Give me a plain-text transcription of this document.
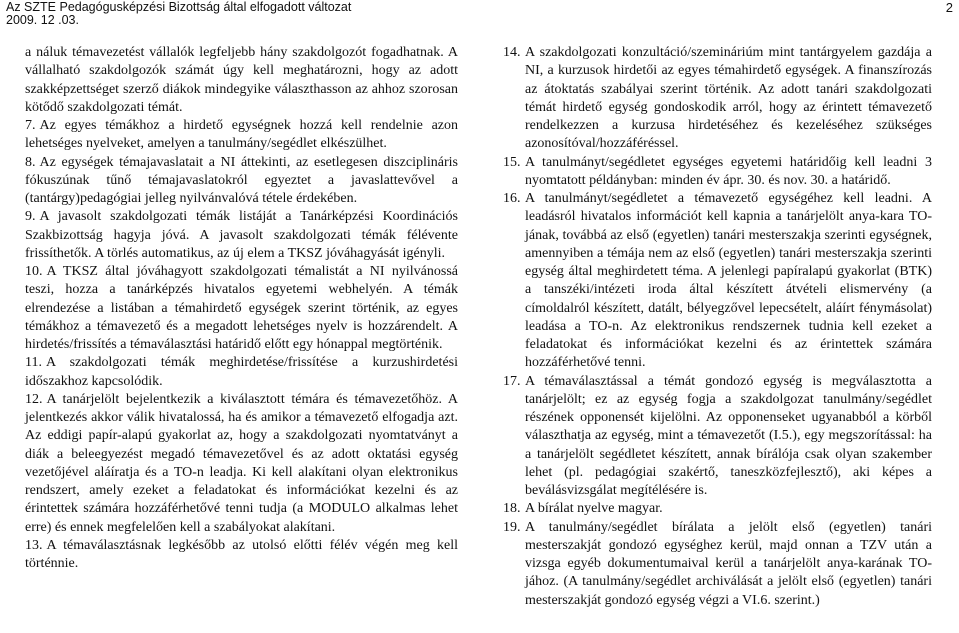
Az SZTE Pedagógusképzési Bizottság által elfogadott változat
2009. 12 .03.
2

a náluk témavezetést vállalók legfeljebb hány szakdolgozót fogadhatnak. A vállalható szakdolgozók számát úgy kell meghatározni, hogy az adott szakképzettséget szerző diákok mindegyike választhasson az ahhoz szorosan kötődő szakdolgozati témát.

7. Az egyes témákhoz a hirdető egységnek hozzá kell rendelnie azon lehetséges nyelveket, amelyen a tanulmány/segédlet elkészülhet.

8. Az egységek témajavaslatait a NI áttekinti, az esetlegesen diszciplináris fókuszúnak tűnő témajavaslatokról egyeztet a javaslattevővel a (tantárgy)pedagógiai jelleg nyilvánvalóvá tétele érdekében.

9. A javasolt szakdolgozati témák listáját a Tanárképzési Koordinációs Szakbizottság hagyja jóvá. A javasolt szakdolgozati témák félévente frissíthetők. A törlés automatikus, az új elem a TKSZ jóváhagyását igényli.

10. A TKSZ által jóváhagyott szakdolgozati témalistát a NI nyilvánossá teszi, hozza a tanárképzés hivatalos egyetemi webhelyén. A témák elrendezése a listában a témahirdető egységek szerint történik, az egyes témákhoz a témavezető és a megadott lehetséges nyelv is hozzárendelt. A hirdetés/frissítés a témaválasztási határidő előtt egy hónappal megtörténik.

11. A szakdolgozati témák meghirdetése/frissítése a kurzushirdetési időszakhoz kapcsolódik.

12. A tanárjelölt bejelentkezik a kiválasztott témára és témavezetőhöz. A jelentkezés akkor válik hivatalossá, ha és amikor a témavezető elfogadja azt. Az eddigi papír-alapú gyakorlat az, hogy a szakdolgozati nyomtatványt a diák a beleegyezést megadó témavezetővel és az adott oktatási egység vezetőjével aláíratja és a TO-n leadja. Ki kell alakítani olyan elektronikus rendszert, amely ezeket a feladatokat és információkat kezelni és az érintettek számára hozzáférhetővé tenni tudja (a MODULO alkalmas lehet erre) és ennek megfelelően kell a szabályokat alakítani.

13. A témaválasztásnak legkésőbb az utolsó előtti félév végén meg kell történnie.

14. A szakdolgozati konzultáció/szemináriúm mint tantárgyelem gazdája a NI, a kurzusok hirdetői az egyes témahirdető egységek. A finanszírozás az átoktatás szabályai szerint történik. Az adott tanári szakdolgozati témát hirdető egység gondoskodik arról, hogy az érintett témavezető rendelkezzen a kurzusa hirdetéséhez és kezeléséhez szükséges azonosítóval/hozzáféréssel.

15. A tanulmányt/segédletet egységes egyetemi határidőig kell leadni 3 nyomtatott példányban: minden év ápr. 30. és nov. 30. a határidő.

16. A tanulmányt/segédletet a témavezető egységéhez kell leadni. A leadásról hivatalos információt kell kapnia a tanárjelölt anya-kara TO-jának, továbbá az első (egyetlen) tanári mesterszakja szerinti egységnek, amennyiben a témája nem az első (egyetlen) tanári mesterszakja szerinti egység által meghirdetett téma. A jelenlegi papíralapú gyakorlat (BTK) a tanszéki/intézeti iroda által készített átvételi elismervény (a címoldalról készített, datált, bélyegzővel lepecsételt, aláírt fénymásolat) leadása a TO-n. Az elektronikus rendszernek tudnia kell ezeket a feladatokat és információkat kezelni és az érintettek számára hozzáférhetővé tenni.

17. A témaválasztással a témát gondozó egység is megválasztotta a tanárjelölt; ez az egység fogja a szakdolgozat tanulmány/segédlet részének opponensét kijelölni. Az opponenseket ugyanabból a körből választhatja az egység, mint a témavezetőt (I.5.), egy megszorítással: ha a tanárjelölt segédletet készített, annak bírálója csak olyan szakember lehet (pl. pedagógiai szakértő, taneszközfejlesztő), aki képes a beválásvizsgálat megítélésére is.

18. A bírálat nyelve magyar.

19. A tanulmány/segédlet bírálata a jelölt első (egyetlen) tanári mesterszakját gondozó egységhez kerül, majd onnan a TZV után a vizsga egyéb dokumentumaival kerül a tanárjelölt anya-karának TO-jához. (A tanulmány/segédlet archiválását a jelölt első (egyetlen) tanári mesterszakját gondozó egység végzi a VI.6. szerint.)
